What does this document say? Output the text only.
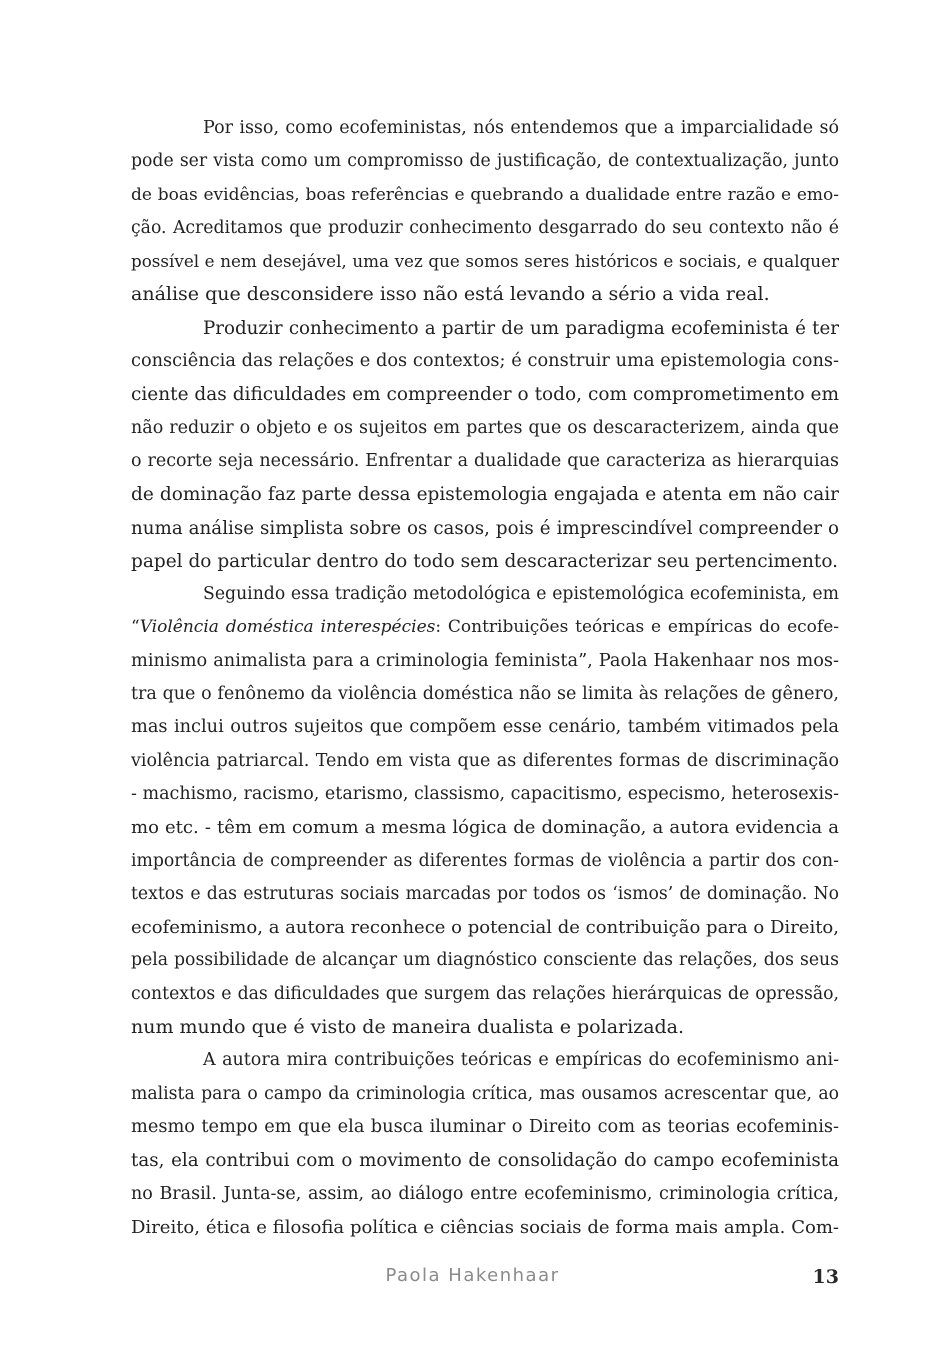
Por isso, como ecofeministas, nós entendemos que a imparcialidade só
pode ser vista como um compromisso de justificação, de contextualização, junto
de boas evidências, boas referências e quebrando a dualidade entre razão e emo-
ção. Acreditamos que produzir conhecimento desgarrado do seu contexto não é
possível e nem desejável, uma vez que somos seres históricos e sociais, e qualquer
análise que desconsidere isso não está levando a sério a vida real.
Produzir conhecimento a partir de um paradigma ecofeminista é ter
consciência das relações e dos contextos; é construir uma epistemologia cons-
ciente das dificuldades em compreender o todo, com comprometimento em
não reduzir o objeto e os sujeitos em partes que os descaracterizem, ainda que
o recorte seja necessário. Enfrentar a dualidade que caracteriza as hierarquias
de dominação faz parte dessa epistemologia engajada e atenta em não cair
numa análise simplista sobre os casos, pois é imprescindível compreender o
papel do particular dentro do todo sem descaracterizar seu pertencimento.
Seguindo essa tradição metodológica e epistemológica ecofeminista, em
“Violência doméstica interespécies: Contribuições teóricas e empíricas do ecofe-
minismo animalista para a criminologia feminista”, Paola Hakenhaar nos mos-
tra que o fenônemo da violência doméstica não se limita às relações de gênero,
mas inclui outros sujeitos que compõem esse cenário, também vitimados pela
violência patriarcal. Tendo em vista que as diferentes formas de discriminação
- machismo, racismo, etarismo, classismo, capacitismo, especismo, heterosexis-
mo etc. - têm em comum a mesma lógica de dominação, a autora evidencia a
importância de compreender as diferentes formas de violência a partir dos con-
textos e das estruturas sociais marcadas por todos os ‘ismos’ de dominação. No
ecofeminismo, a autora reconhece o potencial de contribuição para o Direito,
pela possibilidade de alcançar um diagnóstico consciente das relações, dos seus
contextos e das dificuldades que surgem das relações hierárquicas de opressão,
num mundo que é visto de maneira dualista e polarizada.
A autora mira contribuições teóricas e empíricas do ecofeminismo ani-
malista para o campo da criminologia crítica, mas ousamos acrescentar que, ao
mesmo tempo em que ela busca iluminar o Direito com as teorias ecofeminis-
tas, ela contribui com o movimento de consolidação do campo ecofeminista
no Brasil. Junta-se, assim, ao diálogo entre ecofeminismo, criminologia crítica,
Direito, ética e filosofia política e ciências sociais de forma mais ampla. Com-
Paola Hakenhaar	13
